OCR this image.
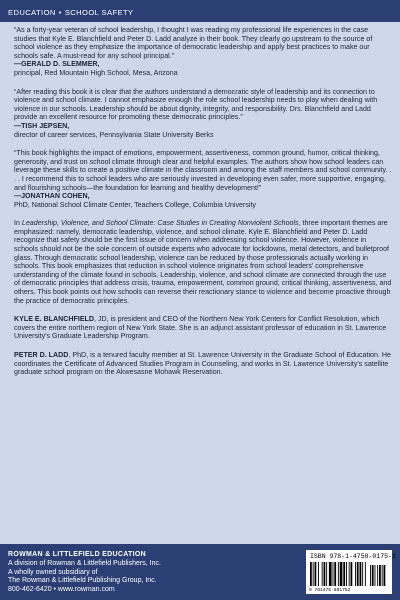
EDUCATION • SCHOOL SAFETY

“As a forty-year veteran of school leadership, I thought I was reading my professional life experiences in the case studies that Kyle E. Blanchfield and Peter D. Ladd analyze in their book. They clearly go upstream to the source of school violence as they emphasize the importance of democratic leadership and apply best practices to make our schools safe. A must-read for any school principal.”

—GERALD D. SLEMMER,

principal, Red Mountain High School, Mesa, Arizona

“After reading this book it is clear that the authors understand a democratic style of leadership and its connection to violence and school climate. I cannot emphasize enough the role school leadership needs to play when dealing with violence in our schools. Leadership should be about dignity, integrity, and responsibility. Drs. Blanchfield and Ladd provide an excellent resource for promoting these democratic principles.”

—TISH JEPSEN,

director of career services, Pennsylvania State University Berks

“This book highlights the impact of emotions, empowerment, assertiveness, common ground, humor, critical thinking, generosity, and trust on school climate through clear and helpful examples. The authors show how school leaders can leverage these skills to create a positive climate in the classroom and among the staff members and school community. . . . I recommend this to school leaders who are seriously invested in developing even safer, more supportive, engaging, and flourishing schools—the foundation for learning and healthy development!”

—JONATHAN COHEN,

PhD, National School Climate Center, Teachers College, Columbia University

In Leadership, Violence, and School Climate: Case Studies in Creating Nonviolent Schools, three important themes are emphasized: namely, democratic leadership, violence, and school climate. Kyle E. Blanchfield and Peter D. Ladd recognize that safety should be the first issue of concern when addressing school violence. However, violence in schools should not be the sole concern of outside experts who advocate for lockdowns, metal detectors, and bulletproof glass. Through democratic school leadership, violence can be reduced by those professionals actually working in schools. This book emphasizes that reduction in school violence originates from school leaders' comprehensive understanding of the climate found in schools. Leadership, violence, and school climate are connected through the use of democratic principles that address crisis, trauma, empowerment, common ground, critical thinking, assertiveness, and others. This book points out how schools can reverse their reactionary stance to violence and become proactive through the practice of democratic principles.

KYLE E. BLANCHFIELD, JD, is president and CEO of the Northern New York Centers for Conflict Resolution, which covers the entire northern region of New York State. She is an adjunct assistant professor of education in St. Lawrence University's Graduate Leadership Program.

PETER D. LADD, PhD, is a tenured faculty member at St. Lawrence University in the Graduate School of Education. He coordinates the Certificate of Advanced Studies Program in Counseling, and works in St. Lawrence University's satellite graduate school program on the Akwesasne Mohawk Reservation.

ROWMAN & LITTLEFIELD EDUCATION
A division of Rowman & Littlefield Publishers, Inc.
A wholly owned subsidiary of
The Rowman & Littlefield Publishing Group, Inc.
800-462-6420 • www.rowman.com
ISBN 978-1-4758-0175-2
9 781475 801752
